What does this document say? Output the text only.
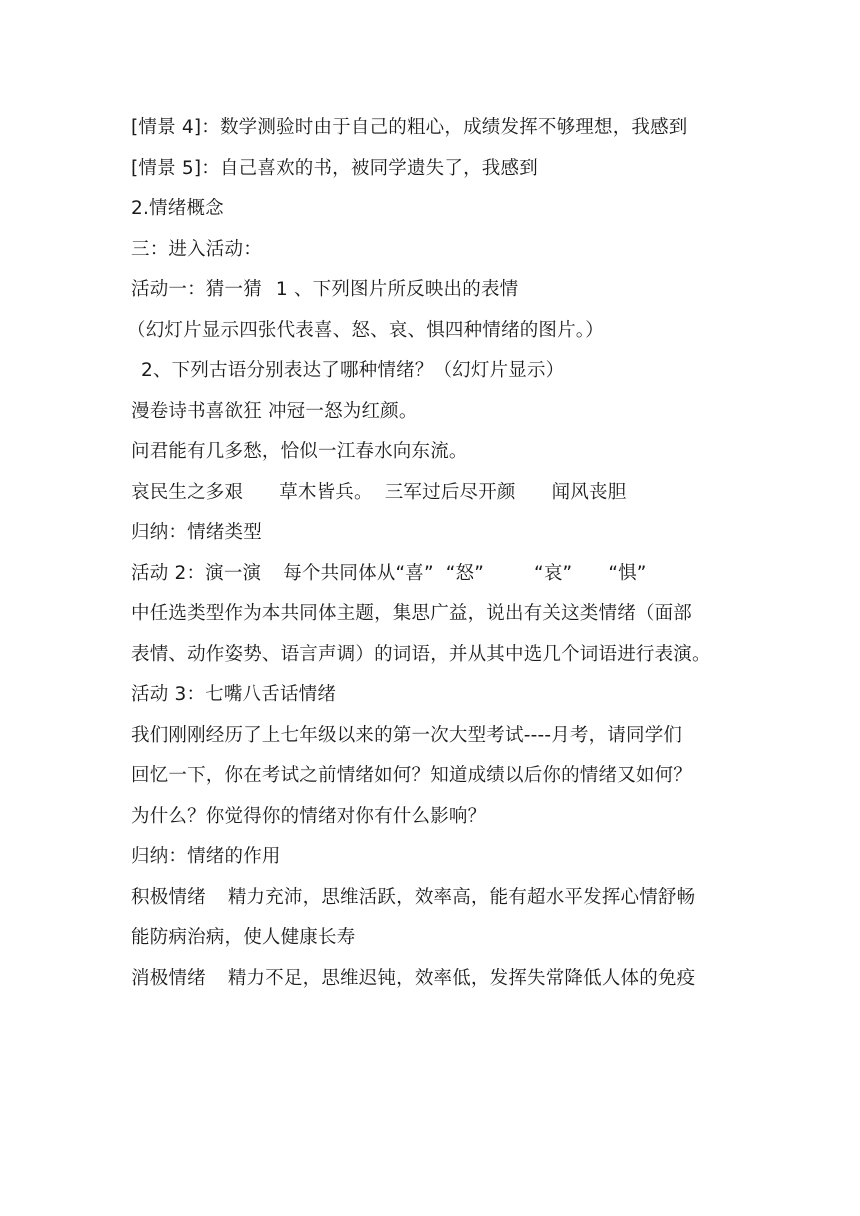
[情景 4]：数学测验时由于自己的粗心，成绩发挥不够理想，我感到
[情景 5]：自己喜欢的书，被同学遗失了，我感到
2.情绪概念
三：进入活动：
活动一：猜一猜 1 、下列图片所反映出的表情
（幻灯片显示四张代表喜、怒、哀、惧四种情绪的图片。）
2、下列古语分别表达了哪种情绪？（幻灯片显示）
漫卷诗书喜欲狂 冲冠一怒为红颜。
问君能有几多愁，恰似一江春水向东流。
哀民生之多艰 草木皆兵。 三军过后尽开颜 闻风丧胆
归纳：情绪类型
活动 2：演一演 每个共同体从“喜” “怒”	“哀” “惧”
中任选类型作为本共同体主题，集思广益，说出有关这类情绪（面部
表情、动作姿势、语言声调）的词语，并从其中选几个词语进行表演。
活动 3：七嘴八舌话情绪
我们刚刚经历了上七年级以来的第一次大型考试----月考，请同学们
回忆一下，你在考试之前情绪如何？知道成绩以后你的情绪又如何？
为什么？你觉得你的情绪对你有什么影响？
归纳：情绪的作用
积极情绪 精力充沛，思维活跃，效率高，能有超水平发挥心情舒畅
能防病治病，使人健康长寿
消极情绪 精力不足，思维迟钝，效率低，发挥失常降低人体的免疫
